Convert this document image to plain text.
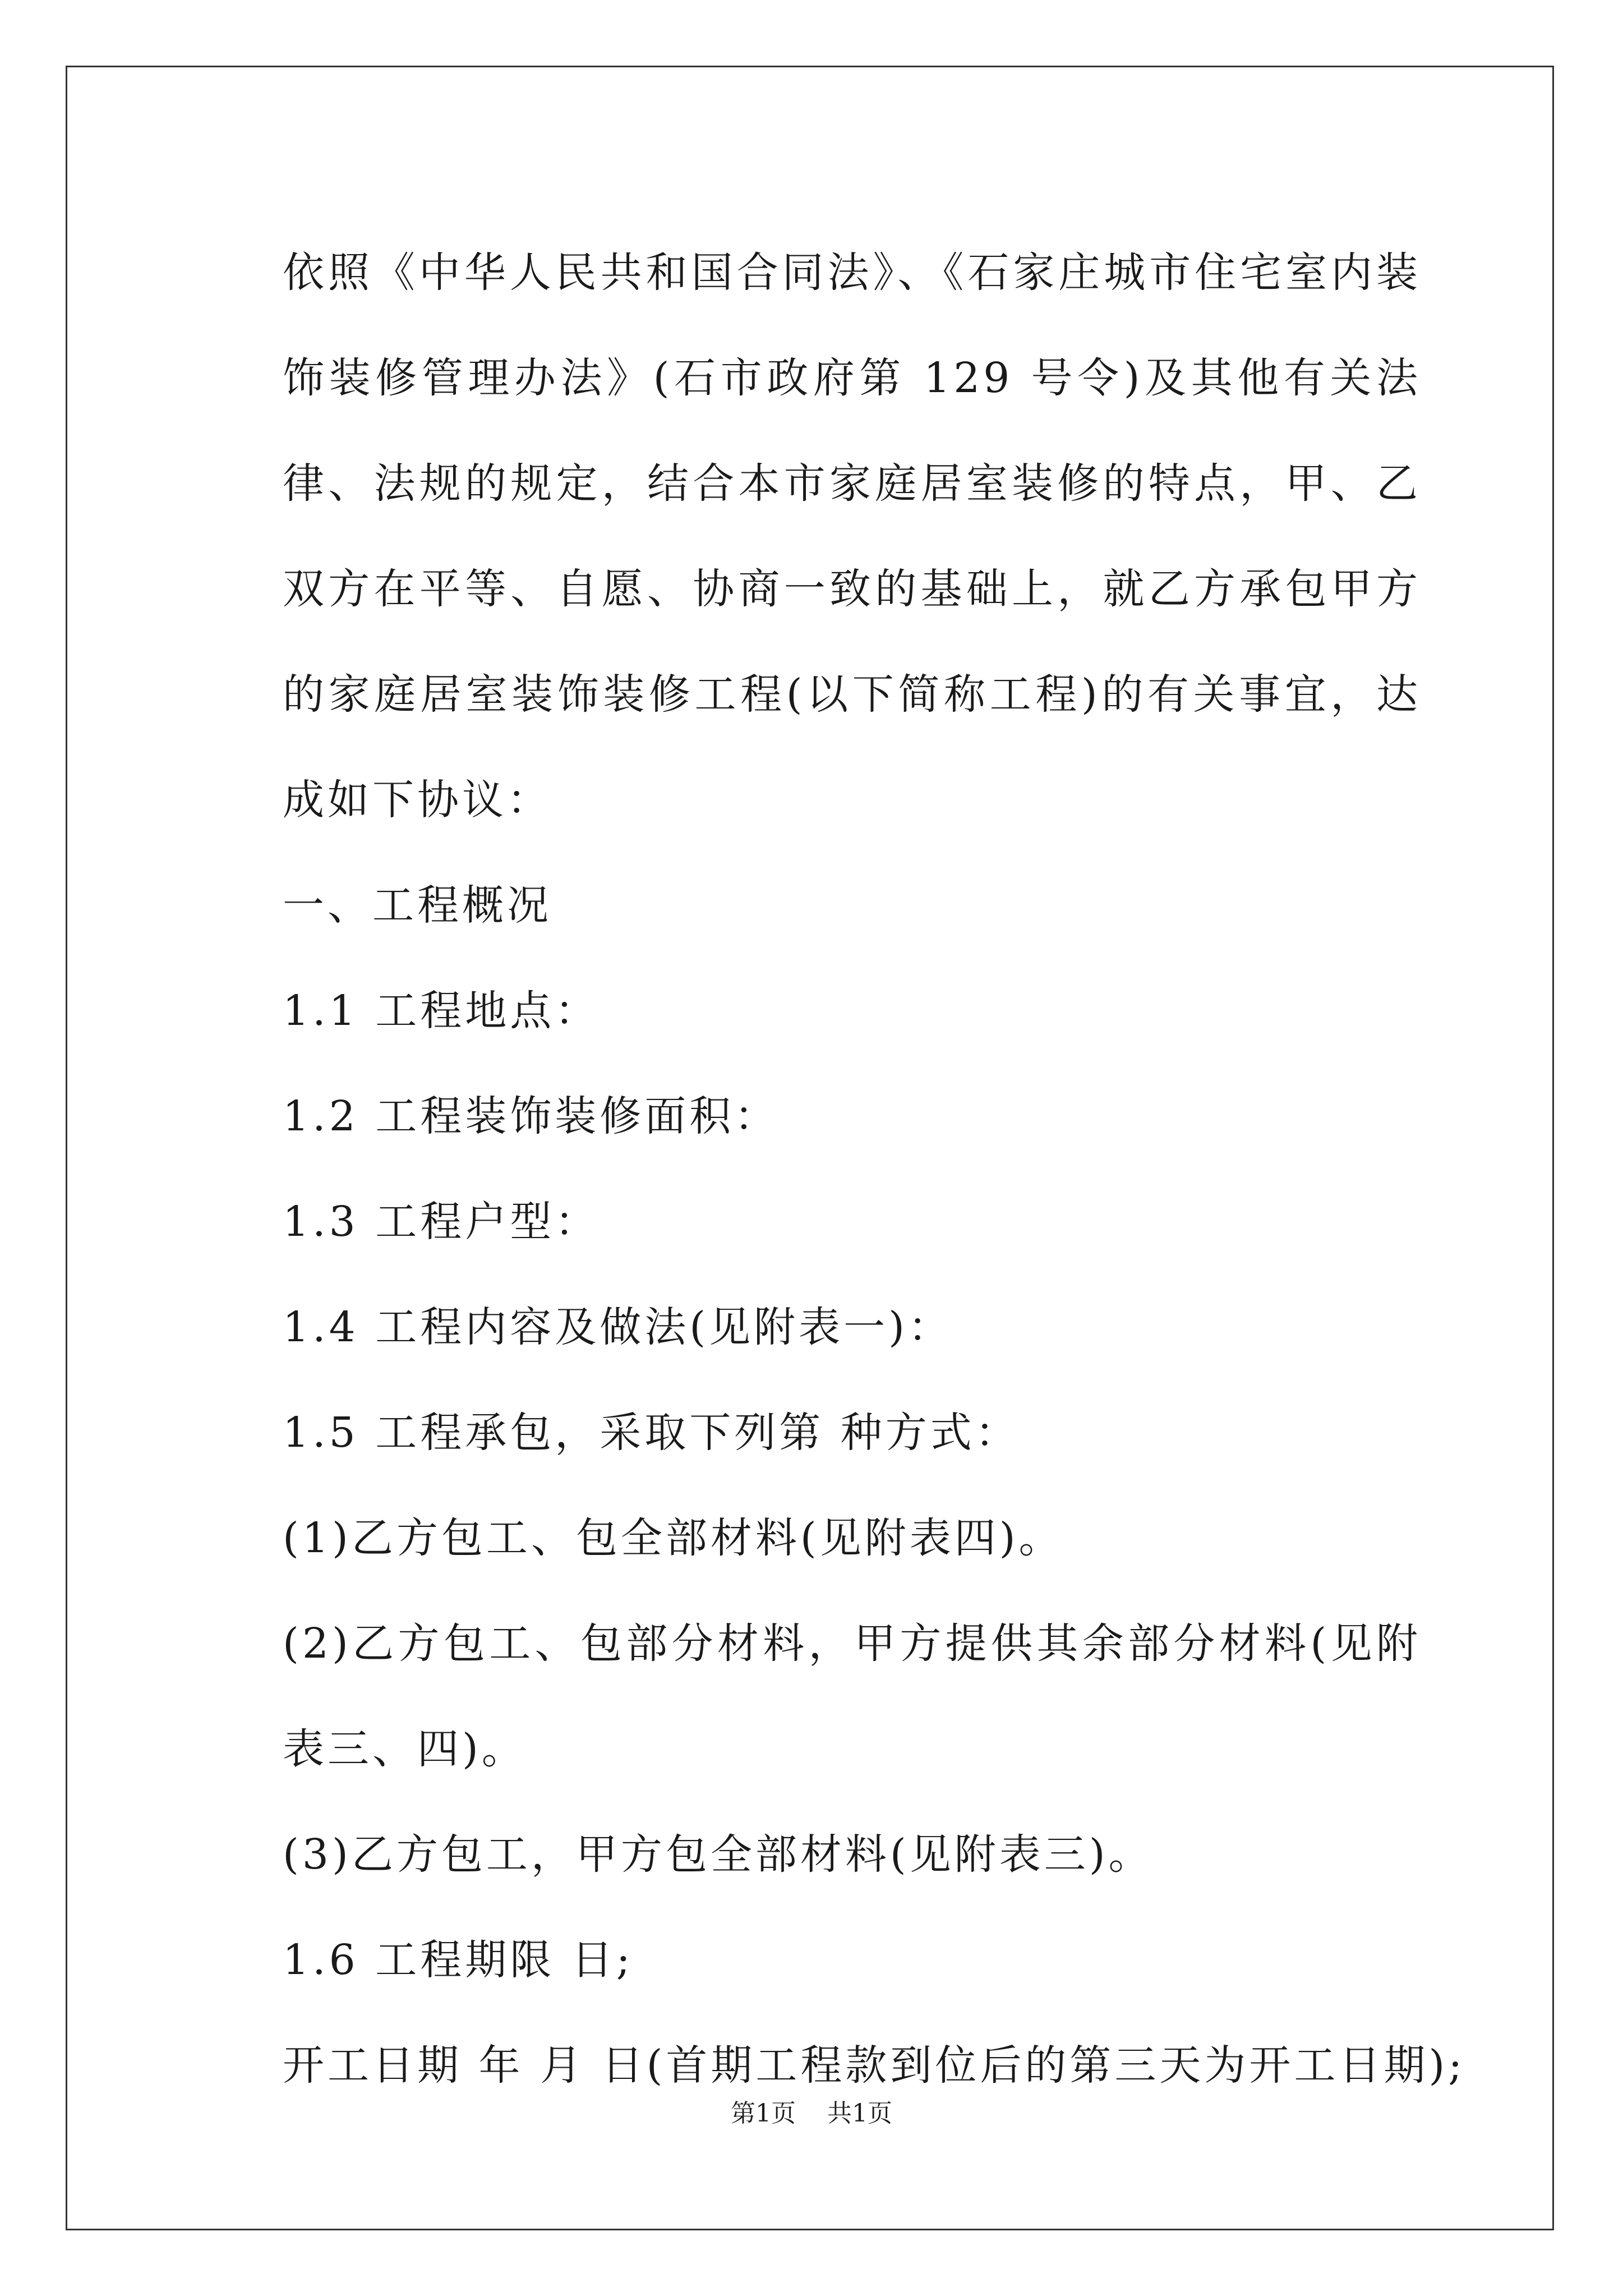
依照《中华人民共和国合同法》、《石家庄城市住宅室内装饰装修管理办法》(石市政府第 129 号令)及其他有关法律、法规的规定，结合本市家庭居室装修的特点，甲、乙双方在平等、自愿、协商一致的基础上，就乙方承包甲方的家庭居室装饰装修工程(以下简称工程)的有关事宜，达成如下协议：

一、工程概况

1.1 工程地点：

1.2 工程装饰装修面积：

1.3 工程户型：

1.4 工程内容及做法(见附表一)：

1.5 工程承包，采取下列第 种方式：

(1)乙方包工、包全部材料(见附表四)。

(2)乙方包工、包部分材料，甲方提供其余部分材料(见附表三、四)。

(3)乙方包工，甲方包全部材料(见附表三)。

1.6 工程期限 日;

开工日期 年 月 日(首期工程款到位后的第三天为开工日期);

第1页 共1页
